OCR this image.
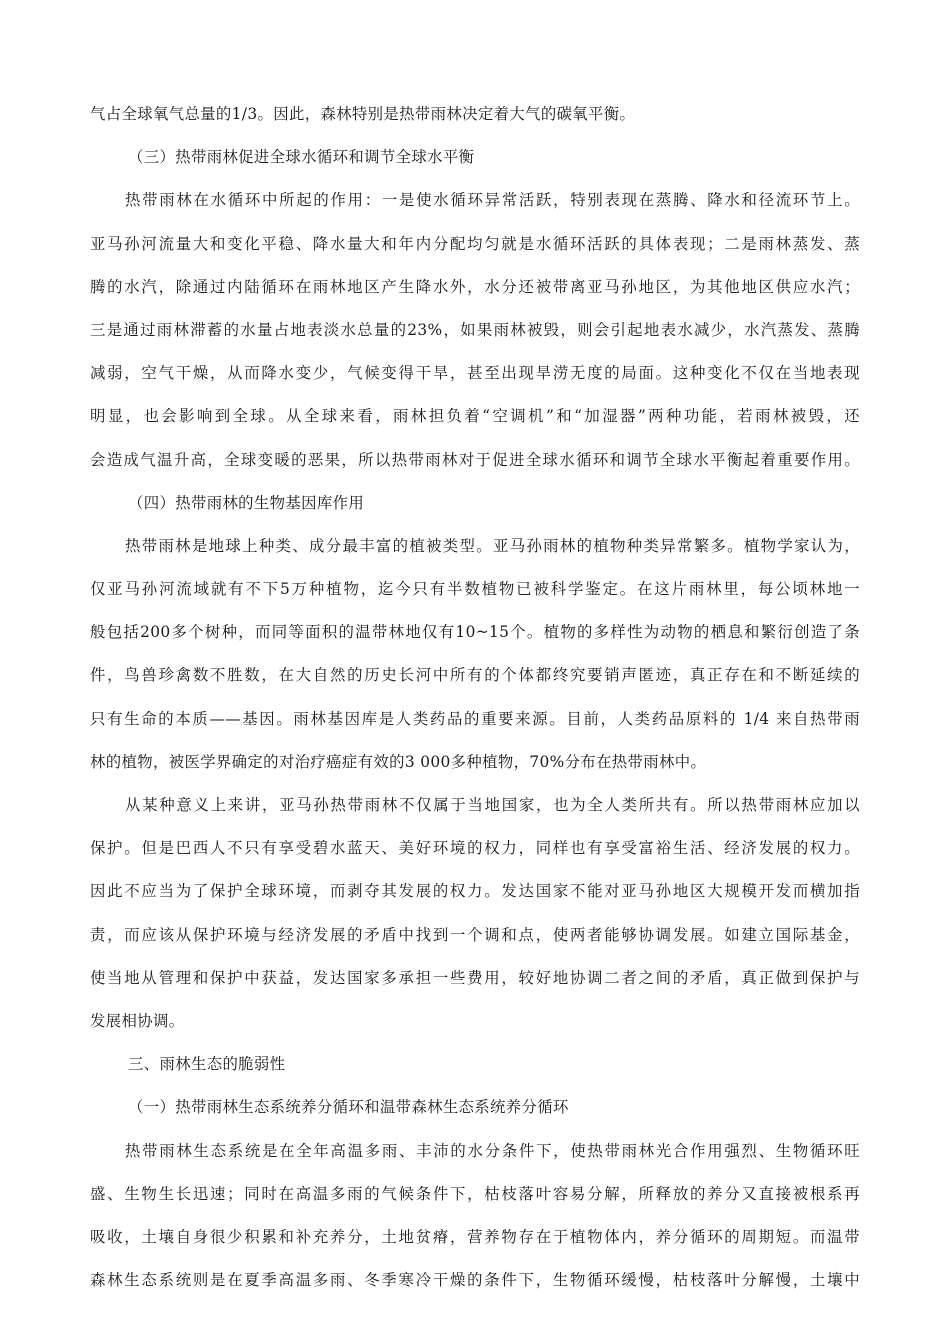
气占全球氧气总量的1/3。因此，森林特别是热带雨林决定着大气的碳氧平衡。
（三）热带雨林促进全球水循环和调节全球水平衡
热带雨林在水循环中所起的作用：一是使水循环异常活跃，特别表现在蒸腾、降水和径流环节上。
亚马孙河流量大和变化平稳、降水量大和年内分配均匀就是水循环活跃的具体表现；二是雨林蒸发、蒸
腾的水汽，除通过内陆循环在雨林地区产生降水外，水分还被带离亚马孙地区，为其他地区供应水汽；
三是通过雨林滞蓄的水量占地表淡水总量的23%，如果雨林被毁，则会引起地表水减少，水汽蒸发、蒸腾
减弱，空气干燥，从而降水变少，气候变得干旱，甚至出现旱涝无度的局面。这种变化不仅在当地表现
明显，也会影响到全球。从全球来看，雨林担负着“空调机”和“加湿器”两种功能，若雨林被毁，还
会造成气温升高，全球变暖的恶果，所以热带雨林对于促进全球水循环和调节全球水平衡起着重要作用。
（四）热带雨林的生物基因库作用
热带雨林是地球上种类、成分最丰富的植被类型。亚马孙雨林的植物种类异常繁多。植物学家认为，
仅亚马孙河流域就有不下5万种植物，迄今只有半数植物已被科学鉴定。在这片雨林里，每公顷林地一
般包括200多个树种，而同等面积的温带林地仅有10~15个。植物的多样性为动物的栖息和繁衍创造了条
件，鸟兽珍禽数不胜数，在大自然的历史长河中所有的个体都终究要销声匿迹，真正存在和不断延续的
只有生命的本质——基因。雨林基因库是人类药品的重要来源。目前，人类药品原料的 1/4 来自热带雨
林的植物，被医学界确定的对治疗癌症有效的3 000多种植物，70%分布在热带雨林中。
从某种意义上来讲，亚马孙热带雨林不仅属于当地国家，也为全人类所共有。所以热带雨林应加以
保护。但是巴西人不只有享受碧水蓝天、美好环境的权力，同样也有享受富裕生活、经济发展的权力。
因此不应当为了保护全球环境，而剥夺其发展的权力。发达国家不能对亚马孙地区大规模开发而横加指
责，而应该从保护环境与经济发展的矛盾中找到一个调和点，使两者能够协调发展。如建立国际基金，
使当地从管理和保护中获益，发达国家多承担一些费用，较好地协调二者之间的矛盾，真正做到保护与
发展相协调。
三、雨林生态的脆弱性
（一）热带雨林生态系统养分循环和温带森林生态系统养分循环
热带雨林生态系统是在全年高温多雨、丰沛的水分条件下，使热带雨林光合作用强烈、生物循环旺
盛、生物生长迅速；同时在高温多雨的气候条件下，枯枝落叶容易分解，所释放的养分又直接被根系再
吸收，土壤自身很少积累和补充养分，土地贫瘠，营养物存在于植物体内，养分循环的周期短。而温带
森林生态系统则是在夏季高温多雨、冬季寒冷干燥的条件下，生物循环缓慢，枯枝落叶分解慢，土壤中
